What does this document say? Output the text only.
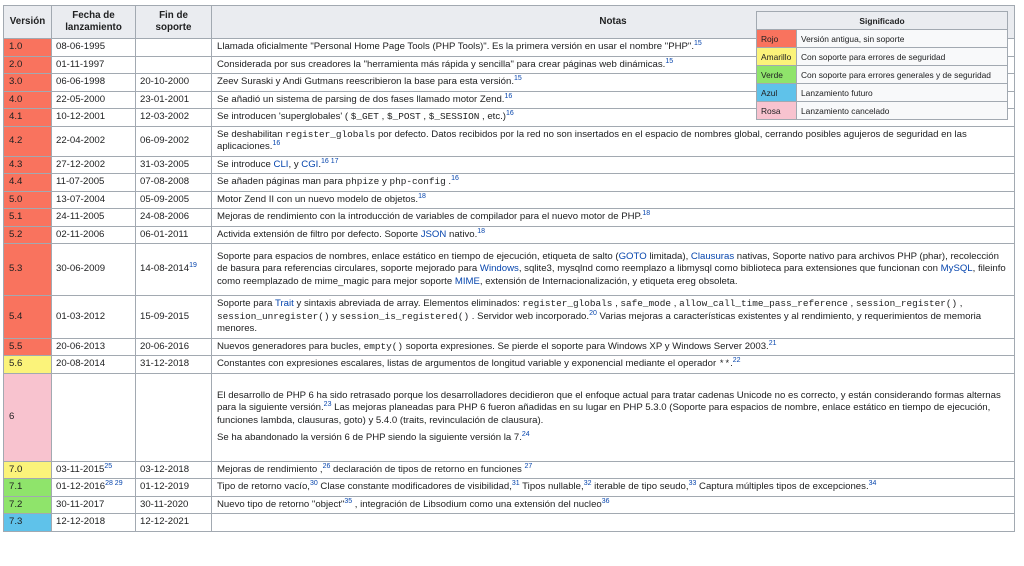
Versión	Fecha de lanzamiento	Fin de soporte	Notas
1.0	08-06-1995		Llamada oficialmente "Personal Home Page Tools (PHP Tools)". Es la primera versión en usar el nombre "PHP".$^{15}$
2.0	01-11-1997		Considerada por sus creadores la "herramienta más rápida y sencilla" para crear páginas web dinámicas.$^{15}$
3.0	06-06-1998	20-10-2000	Zeev Suraski y Andi Gutmans reescribieron la base para esta versión.$^{15}$
4.0	22-05-2000	23-01-2001	Se añadió un sistema de parsing de dos fases llamado motor Zend.$^{16}$
4.1	10-12-2001	12-03-2002	Se introducen 'superglobales' ( $_GET , $_POST , $_SESSION , etc.)$^{16}$
4.2	22-04-2002	06-09-2002	Se deshabilitan register_globals por defecto. Datos recibidos por la red no son insertados en el espacio de nombres global, cerrando posibles agujeros de seguridad en las aplicaciones.$^{16}$
4.3	27-12-2002	31-03-2005	Se introduce CLI, y CGI.$^{16 17}$
4.4	11-07-2005	07-08-2008	Se añaden páginas man para phpize y php-config .$^{16}$
5.0	13-07-2004	05-09-2005	Motor Zend II con un nuevo modelo de objetos.$^{18}$
5.1	24-11-2005	24-08-2006	Mejoras de rendimiento con la introducción de variables de compilador para el nuevo motor de PHP.$^{18}$
5.2	02-11-2006	06-01-2011	Activida extensión de filtro por defecto. Soporte JSON nativo.$^{18}$
5.3	30-06-2009	14-08-2014$^{19}$	Soporte para espacios de nombres, enlace estático en tiempo de ejecución, etiqueta de salto (GOTO limitada), Clausuras nativas, Soporte nativo para archivos PHP (phar), recolección de basura para referencias circulares, soporte mejorado para Windows, sqlite3, mysqlnd como reemplazo a libmysql como biblioteca para extensiones que funcionan con MySQL, fileinfo como reemplazado de mime_magic para mejor soporte MIME, extensión de Internacionalización, y etiqueta ereg obsoleta.
5.4	01-03-2012	15-09-2015	Soporte para Trait y sintaxis abreviada de array. Elementos eliminados: register_globals , safe_mode , allow_call_time_pass_reference , session_register() , session_unregister() y session_is_registered() . Servidor web incorporado.$^{20}$ Varias mejoras a características existentes y al rendimiento, y requerimientos de memoria menores.
5.5	20-06-2013	20-06-2016	Nuevos generadores para bucles, empty() soporta expresiones. Se pierde el soporte para Windows XP y Windows Server 2003.21
5.6	20-08-2014	31-12-2018	Constantes con expresiones escalares, listas de argumentos de longitud variable y exponencial mediante el operador **.$^{22}$
6			El desarrollo de PHP 6 ha sido retrasado porque los desarrolladores decidieron que el enfoque actual para tratar cadenas Unicode no es correcto, y están considerando formas alternas para la siguiente versión.$^{23}$ Las mejoras planeadas para PHP 6 fueron añadidas en su lugar en PHP 5.3.0 (Soporte para espacios de nombre, enlace estático en tiempo de ejecución, funciones lambda, clausuras, goto) y 5.4.0 (traits, revinculación de clausura).

Se ha abandonado la versión 6 de PHP siendo la siguiente versión la 7.24

7.0	03-11-2015$^{25}$	03-12-2018	Mejoras de rendimiento ,$^{26}$ declaración de tipos de retorno en funciones $^{27}$
7.1	$01-12-2016^{28 29}$	01-12-2019	Tipo de retorno vacío,$^{30}$ Clase constante modificadores de visibilidad,$^{31}$ Tipos nullable,$^{32}$ iterable de tipo seudo,$^{33}$ Captura múltiples tipos de excepciones.$^{34}$
7.2	30-11-2017	30-11-2020	Nuevo tipo de retorno "object"$^{35}$ , integración de Libsodium como una extensión del nucleo$^{36}$
7.3	12-12-2018	12-12-2021	
Significado	
Rojo	Versión antigua, sin soporte
Amarillo	Con soporte para errores de seguridad
Verde	Con soporte para errores generales y de seguridad
Azul	Lanzamiento futuro
Rosa	Lanzamiento cancelado
